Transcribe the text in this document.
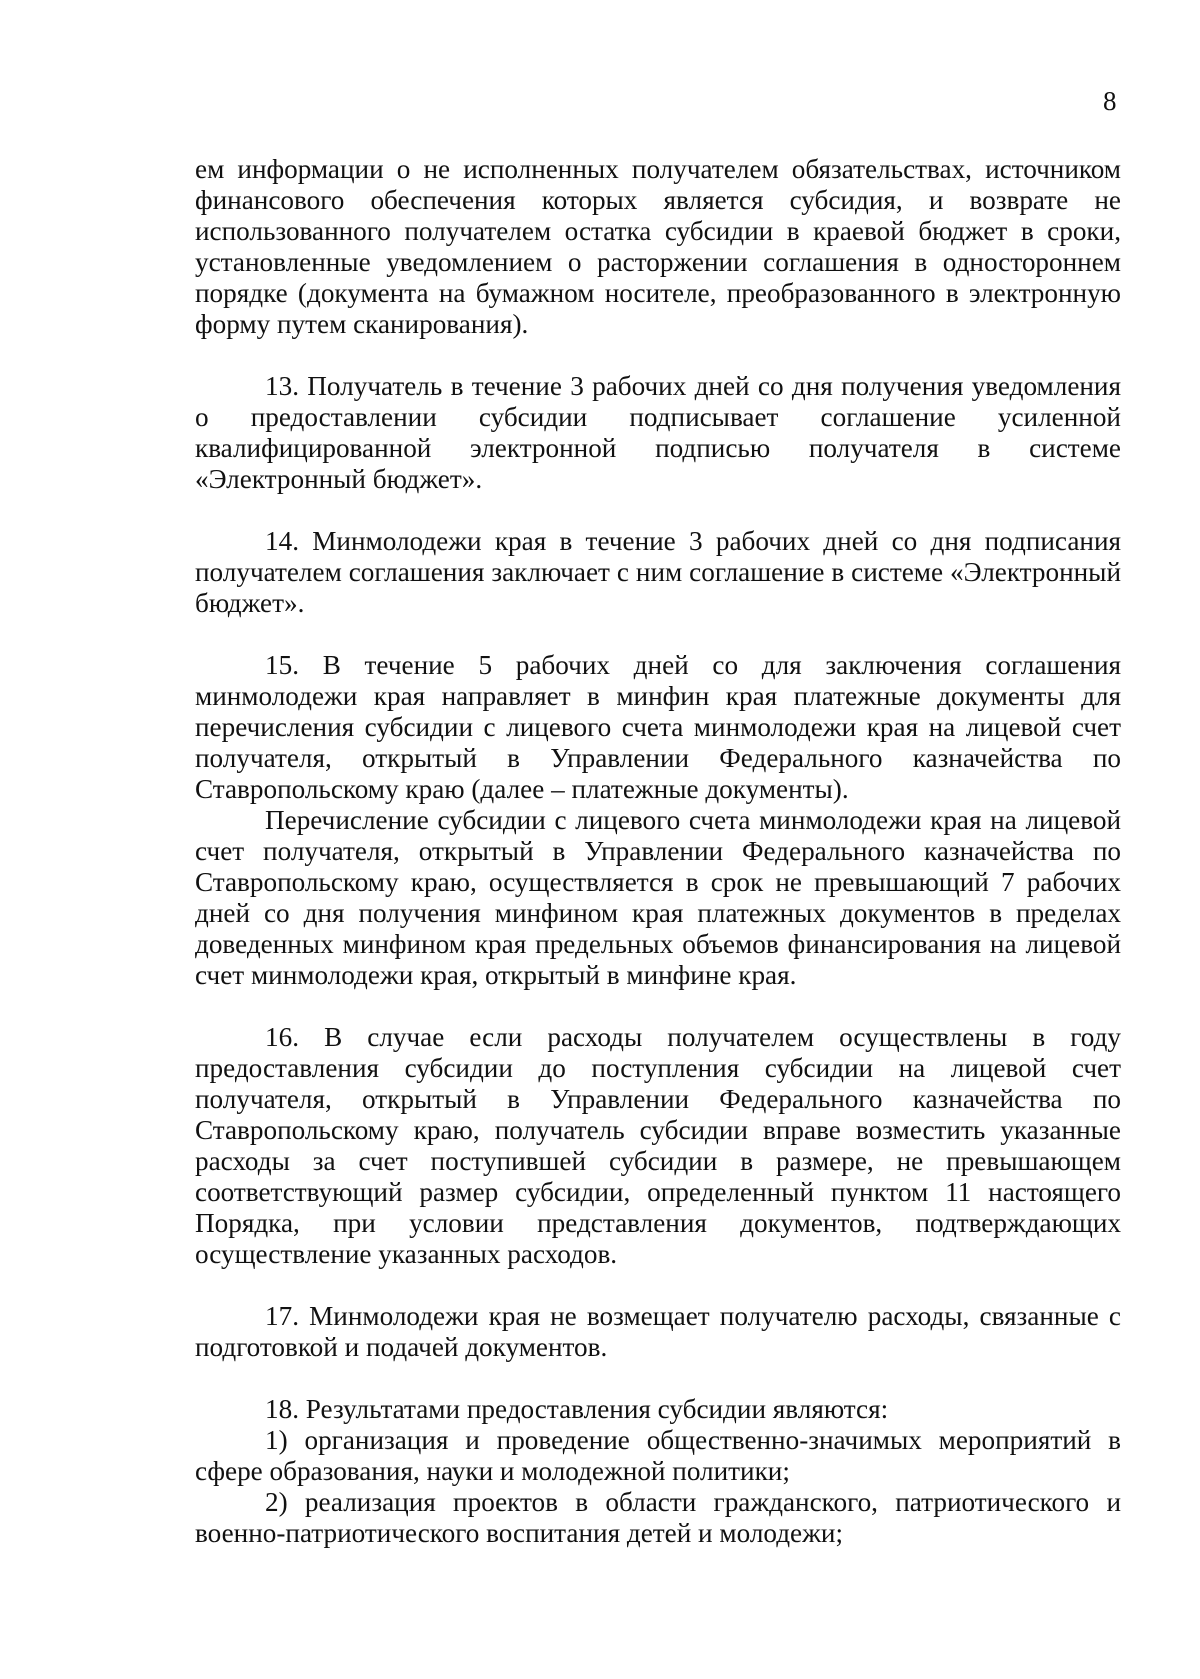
8

ем информации о не исполненных получателем обязательствах, источником финансового обеспечения которых является субсидия, и возврате не использованного получателем остатка субсидии в краевой бюджет в сроки, установленные уведомлением о расторжении соглашения в одностороннем порядке (документа на бумажном носителе, преобразованного в электронную форму путем сканирования).

13. Получатель в течение 3 рабочих дней со дня получения уведомления о предоставлении субсидии подписывает соглашение усиленной квалифицированной электронной подписью получателя в системе «Электронный бюджет».

14. Минмолодежи края в течение 3 рабочих дней со дня подписания получателем соглашения заключает с ним соглашение в системе «Электронный бюджет».

15. В течение 5 рабочих дней со для заключения соглашения минмолодежи края направляет в минфин края платежные документы для перечисления субсидии с лицевого счета минмолодежи края на лицевой счет получателя, открытый в Управлении Федерального казначейства по Ставропольскому краю (далее – платежные документы).

Перечисление субсидии с лицевого счета минмолодежи края на лицевой счет получателя, открытый в Управлении Федерального казначейства по Ставропольскому краю, осуществляется в срок не превышающий 7 рабочих дней со дня получения минфином края платежных документов в пределах доведенных минфином края предельных объемов финансирования на лицевой счет минмолодежи края, открытый в минфине края.

16. В случае если расходы получателем осуществлены в году предоставления субсидии до поступления субсидии на лицевой счет получателя, открытый в Управлении Федерального казначейства по Ставропольскому краю, получатель субсидии вправе возместить указанные расходы за счет поступившей субсидии в размере, не превышающем соответствующий размер субсидии, определенный пунктом 11 настоящего Порядка, при условии представления документов, подтверждающих осуществление указанных расходов.

17. Минмолодежи края не возмещает получателю расходы, связанные с подготовкой и подачей документов.

18. Результатами предоставления субсидии являются:

1) организация и проведение общественно-значимых мероприятий в сфере образования, науки и молодежной политики;

2) реализация проектов в области гражданского, патриотического и военно-патриотического воспитания детей и молодежи;
